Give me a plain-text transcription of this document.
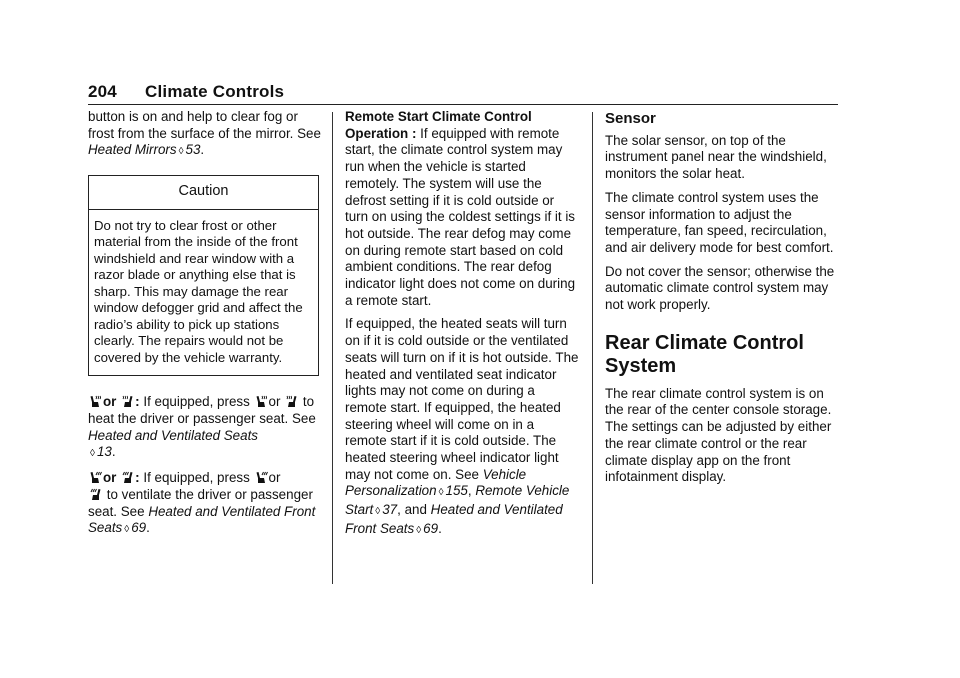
204 Climate Controls

button is on and help to clear fog or frost from the surface of the mirror. See Heated Mirrors ◊ 53.

Caution
Do not try to clear frost or other material from the inside of the front windshield and rear window with a razor blade or anything else that is sharp. This may damage the rear window defogger grid and affect the radio’s ability to pick up stations clearly. The repairs would not be covered by the vehicle warranty.

or : If equipped, press or to heat the driver or passenger seat. See Heated and Ventilated Seats
◊ 13.

or : If equipped, press or
to ventilate the driver or passenger seat. See Heated and Ventilated Front Seats ◊ 69.

Remote Start Climate Control Operation : If equipped with remote start, the climate control system may run when the vehicle is started remotely. The system will use the defrost setting if it is cold outside or turn on using the coldest settings if it is hot outside. The rear defog may come on during remote start based on cold ambient conditions. The rear defog indicator light does not come on during a remote start.

If equipped, the heated seats will turn on if it is cold outside or the ventilated seats will turn on if it is hot outside. The heated and ventilated seat indicator lights may not come on during a remote start. If equipped, the heated steering wheel will come on in a remote start if it is cold outside. The heated steering wheel indicator light may not come on. See Vehicle Personalization ◊ 155, Remote Vehicle Start ◊ 37, and Heated and Ventilated Front Seats ◊ 69.

Sensor

The solar sensor, on top of the instrument panel near the windshield, monitors the solar heat.

The climate control system uses the sensor information to adjust the temperature, fan speed, recirculation, and air delivery mode for best comfort.

Do not cover the sensor; otherwise the automatic climate control system may not work properly.

Rear Climate Control System

The rear climate control system is on the rear of the center console storage. The settings can be adjusted by either the rear climate control or the rear climate display app on the front infotainment display.
